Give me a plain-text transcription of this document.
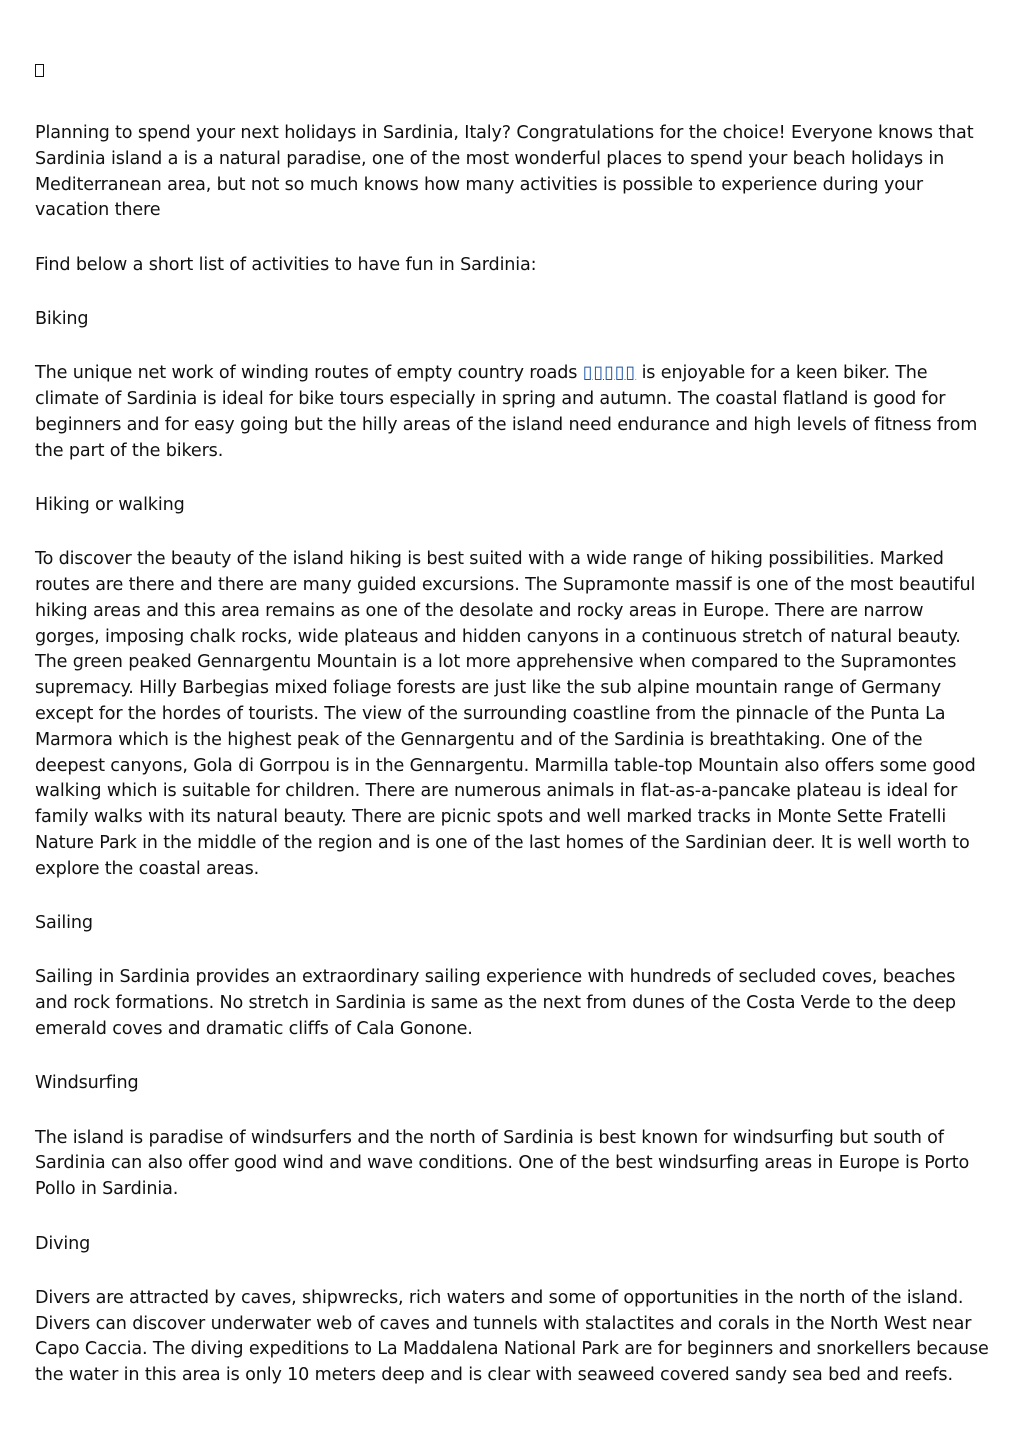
Planning to spend your next holidays in Sardinia, Italy? Congratulations for the choice! Everyone knows that Sardinia island a is a natural paradise, one of the most wonderful places to spend your beach holidays in Mediterranean area, but not so much knows how many activities is possible to experience during your vacation there

Find below a short list of activities to have fun in Sardinia:

Biking

The unique net work of winding routes of empty country roads ▯▯▯▯▯ is enjoyable for a keen biker. The climate of Sardinia is ideal for bike tours especially in spring and autumn. The coastal flatland is good for beginners and for easy going but the hilly areas of the island need endurance and high levels of fitness from the part of the bikers.

Hiking or walking

To discover the beauty of the island hiking is best suited with a wide range of hiking possibilities. Marked routes are there and there are many guided excursions. The Supramonte massif is one of the most beautiful hiking areas and this area remains as one of the desolate and rocky areas in Europe. There are narrow gorges, imposing chalk rocks, wide plateaus and hidden canyons in a continuous stretch of natural beauty. The green peaked Gennargentu Mountain is a lot more apprehensive when compared to the Supramontes supremacy. Hilly Barbegias mixed foliage forests are just like the sub alpine mountain range of Germany except for the hordes of tourists. The view of the surrounding coastline from the pinnacle of the Punta La Marmora which is the highest peak of the Gennargentu and of the Sardinia is breathtaking. One of the deepest canyons, Gola di Gorrpou is in the Gennargentu. Marmilla table-top Mountain also offers some good walking which is suitable for children. There are numerous animals in flat-as-a-pancake plateau is ideal for family walks with its natural beauty. There are picnic spots and well marked tracks in Monte Sette Fratelli Nature Park in the middle of the region and is one of the last homes of the Sardinian deer. It is well worth to explore the coastal areas.

Sailing

Sailing in Sardinia provides an extraordinary sailing experience with hundreds of secluded coves, beaches and rock formations. No stretch in Sardinia is same as the next from dunes of the Costa Verde to the deep emerald coves and dramatic cliffs of Cala Gonone.

Windsurfing

The island is paradise of windsurfers and the north of Sardinia is best known for windsurfing but south of Sardinia can also offer good wind and wave conditions. One of the best windsurfing areas in Europe is Porto Pollo in Sardinia.

Diving

Divers are attracted by caves, shipwrecks, rich waters and some of opportunities in the north of the island. Divers can discover underwater web of caves and tunnels with stalactites and corals in the North West near Capo Caccia. The diving expeditions to La Maddalena National Park are for beginners and snorkellers because the water in this area is only 10 meters deep and is clear with seaweed covered sandy sea bed and reefs.
